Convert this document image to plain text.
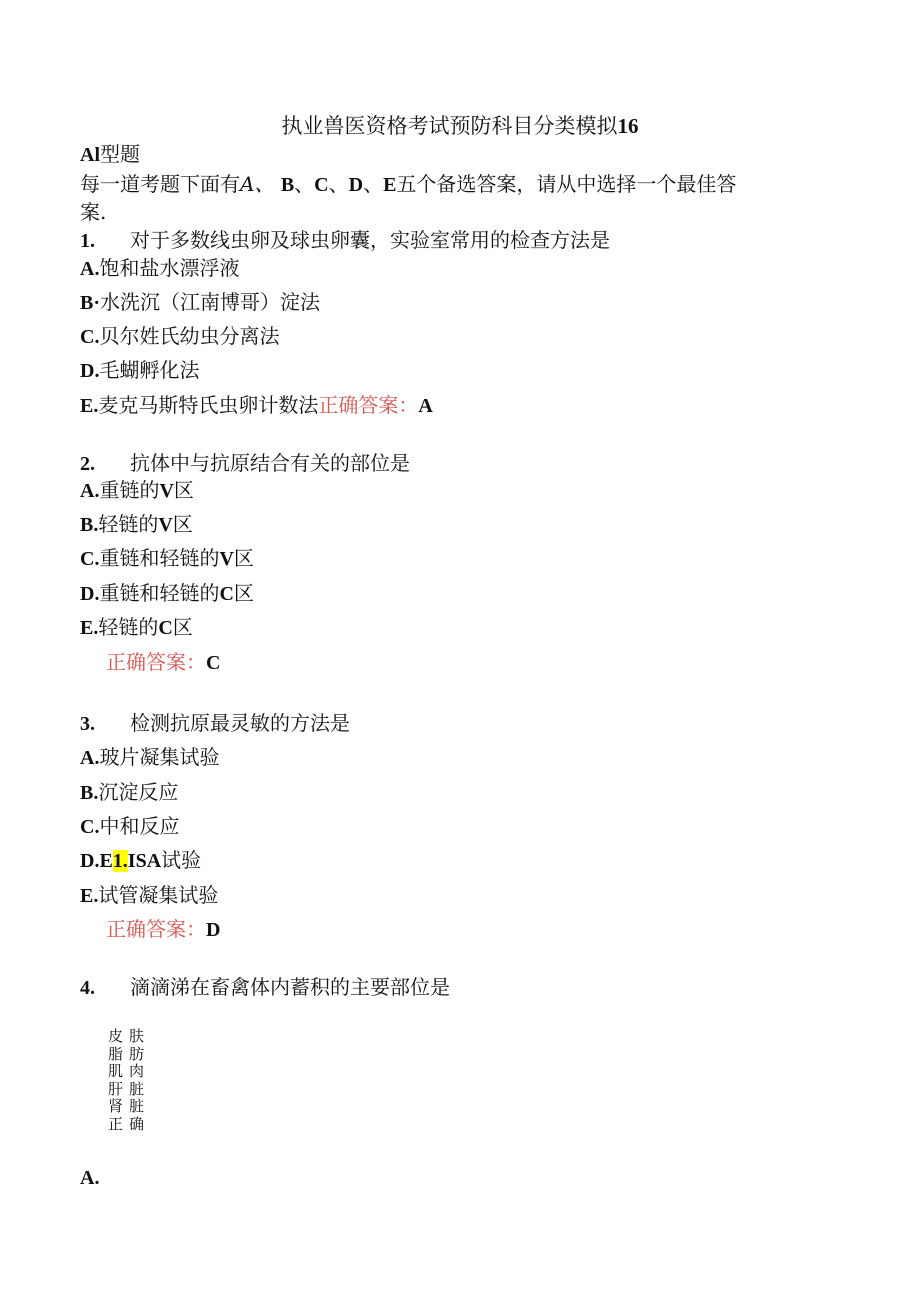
执业兽医资格考试预防科目分类模拟16
Al型题
每一道考题下面有A、 B、C、D、E五个备选答案，请从中选择一个最佳答
案.
1. 对于多数线虫卵及球虫卵囊，实验室常用的检查方法是
A.饱和盐水漂浮液
B·水洗沉（江南博哥）淀法
C.贝尔姓氏幼虫分离法
D.毛蝴孵化法
E.麦克马斯特氏虫卵计数法正确答案：A
2. 抗体中与抗原结合有关的部位是
A.重链的V区
B.轻链的V区
C.重链和轻链的V区
D.重链和轻链的C区
E.轻链的C区
正确答案：C
3. 检测抗原最灵敏的方法是
A.玻片凝集试验
B.沉淀反应
C.中和反应
D.E1.ISA试验
E.试管凝集试验
正确答案：D
4. 滴滴涕在畜禽体内蓄积的主要部位是
皮肤
脂肪
肌肉
肝脏
肾脏
正确
A.
